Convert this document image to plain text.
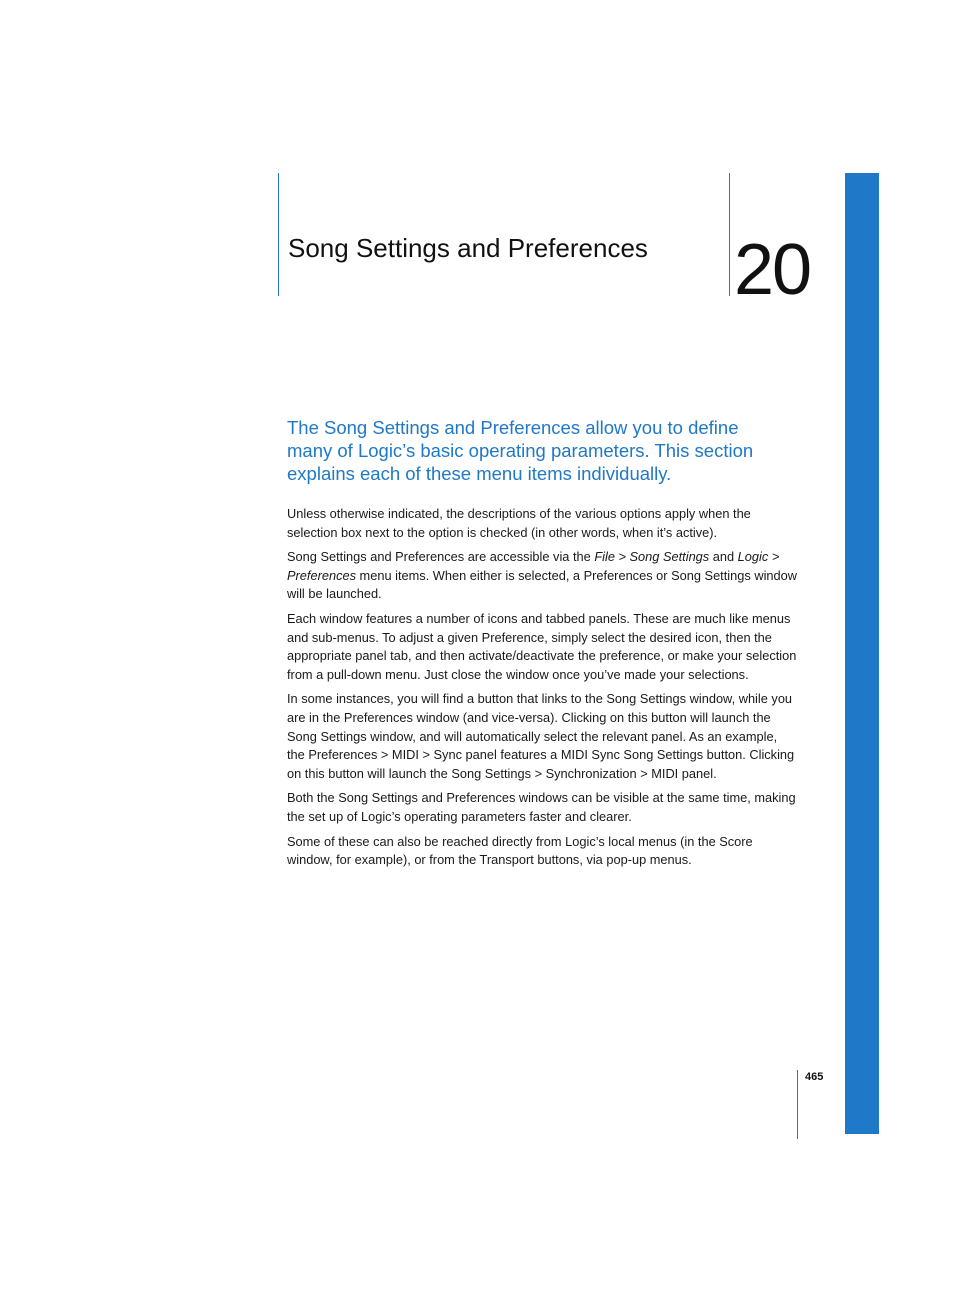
Song Settings and Preferences 20

The Song Settings and Preferences allow you to define many of Logic’s basic operating parameters. This section explains each of these menu items individually.

Unless otherwise indicated, the descriptions of the various options apply when the selection box next to the option is checked (in other words, when it’s active).

Song Settings and Preferences are accessible via the File > Song Settings and Logic > Preferences menu items. When either is selected, a Preferences or Song Settings window will be launched.

Each window features a number of icons and tabbed panels. These are much like menus and sub-menus. To adjust a given Preference, simply select the desired icon, then the appropriate panel tab, and then activate/deactivate the preference, or make your selection from a pull-down menu. Just close the window once you’ve made your selections.

In some instances, you will find a button that links to the Song Settings window, while you are in the Preferences window (and vice-versa). Clicking on this button will launch the Song Settings window, and will automatically select the relevant panel. As an example, the Preferences > MIDI > Sync panel features a MIDI Sync Song Settings button. Clicking on this button will launch the Song Settings > Synchronization > MIDI panel.

Both the Song Settings and Preferences windows can be visible at the same time, making the set up of Logic’s operating parameters faster and clearer.

Some of these can also be reached directly from Logic’s local menus (in the Score window, for example), or from the Transport buttons, via pop-up menus.

465
